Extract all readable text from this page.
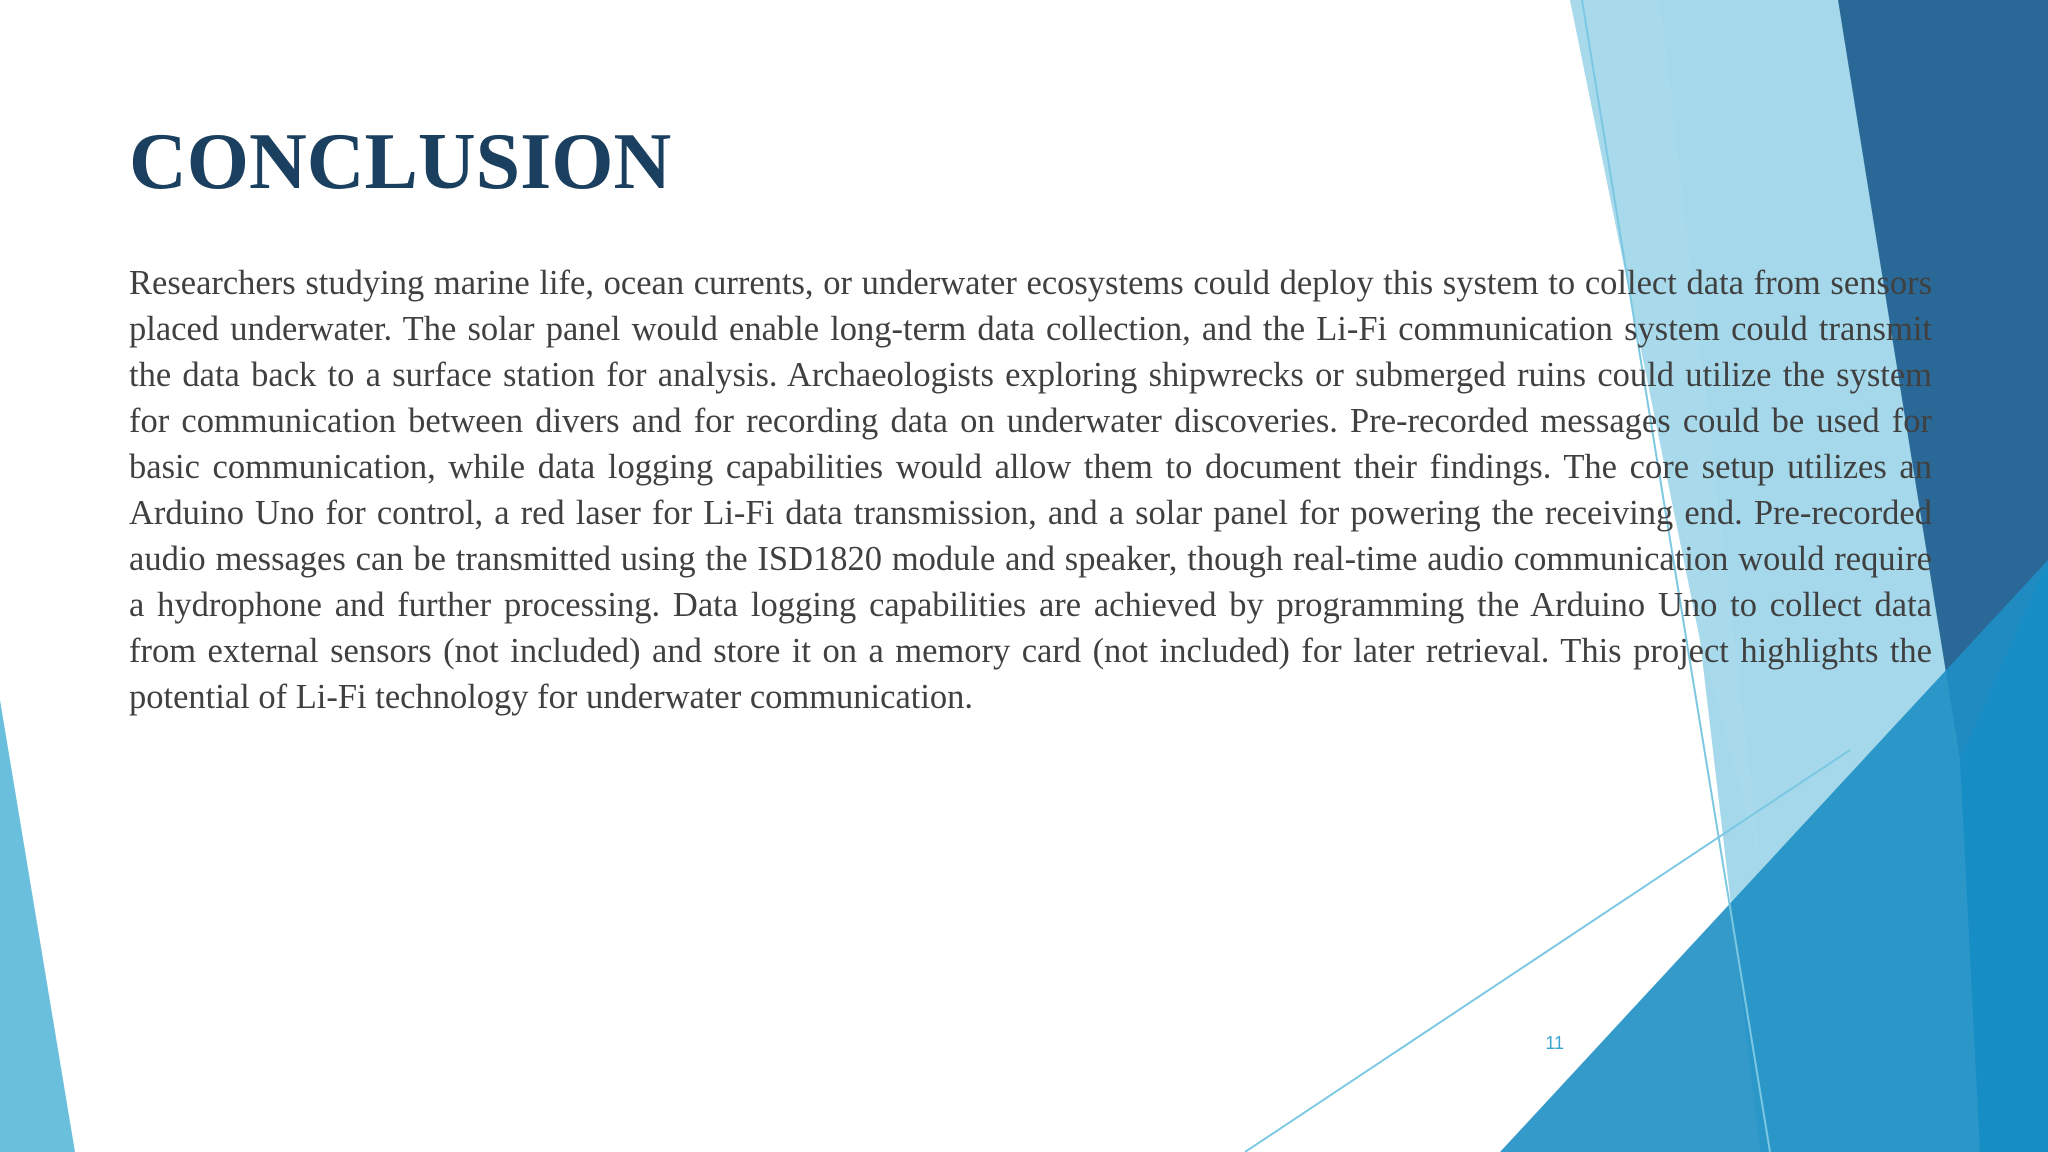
CONCLUSION

Researchers studying marine life, ocean currents, or underwater ecosystems could deploy this system to collect data from sensors placed underwater. The solar panel would enable long-term data collection, and the Li-Fi communication system could transmit the data back to a surface station for analysis. Archaeologists exploring shipwrecks or submerged ruins could utilize the system for communication between divers and for recording data on underwater discoveries. Pre-recorded messages could be used for basic communication, while data logging capabilities would allow them to document their findings. The core setup utilizes an Arduino Uno for control, a red laser for Li-Fi data transmission, and a solar panel for powering the receiving end. Pre-recorded audio messages can be transmitted using the ISD1820 module and speaker, though real-time audio communication would require a hydrophone and further processing. Data logging capabilities are achieved by programming the Arduino Uno to collect data from external sensors (not included) and store it on a memory card (not included) for later retrieval. This project highlights the potential of Li-Fi technology for underwater communication.

11
